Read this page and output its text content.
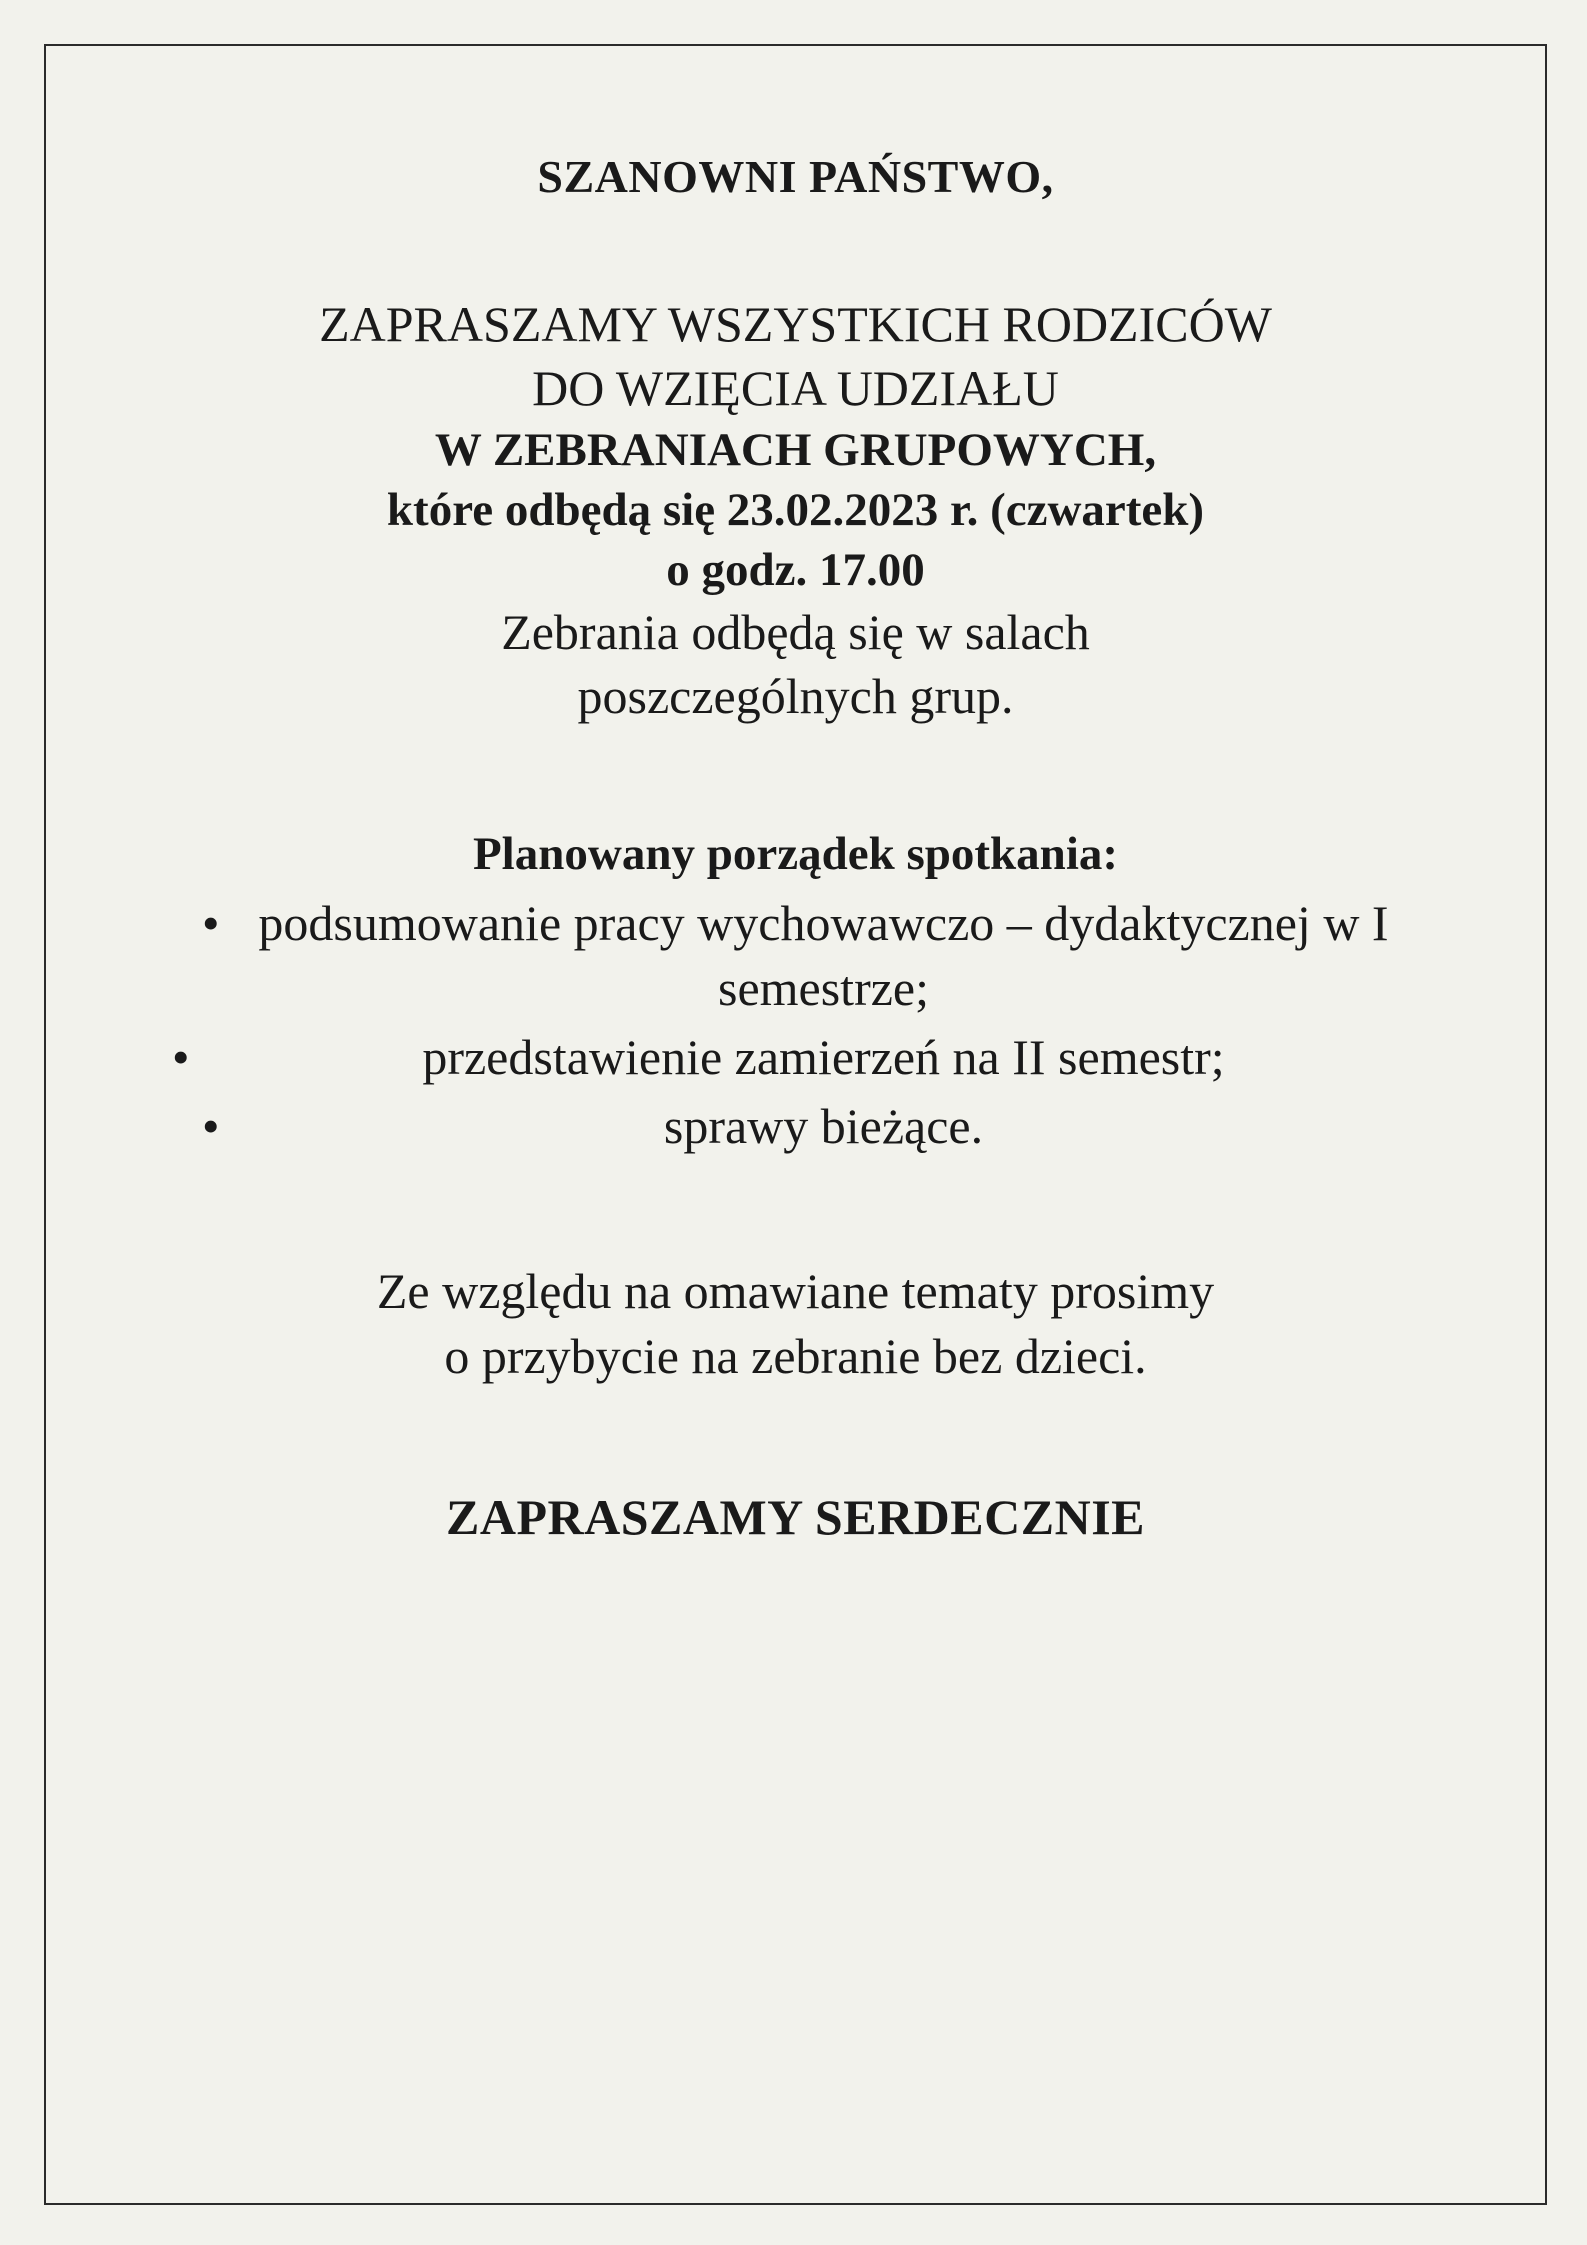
SZANOWNI PAŃSTWO,
ZAPRASZAMY WSZYSTKICH RODZICÓW
DO WZIĘCIA UDZIAŁU
W ZEBRANIACH GRUPOWYCH,
które odbędą się 23.02.2023 r. (czwartek)
o godz. 17.00
Zebrania odbędą się w salach
poszczególnych grup.
Planowany porządek spotkania:
• podsumowanie pracy wychowawczo – dydaktycznej w I semestrze;
•	przedstawienie zamierzeń na II semestr;
•	sprawy bieżące.
Ze względu na omawiane tematy prosimy
o przybycie na zebranie bez dzieci.
ZAPRASZAMY SERDECZNIE
